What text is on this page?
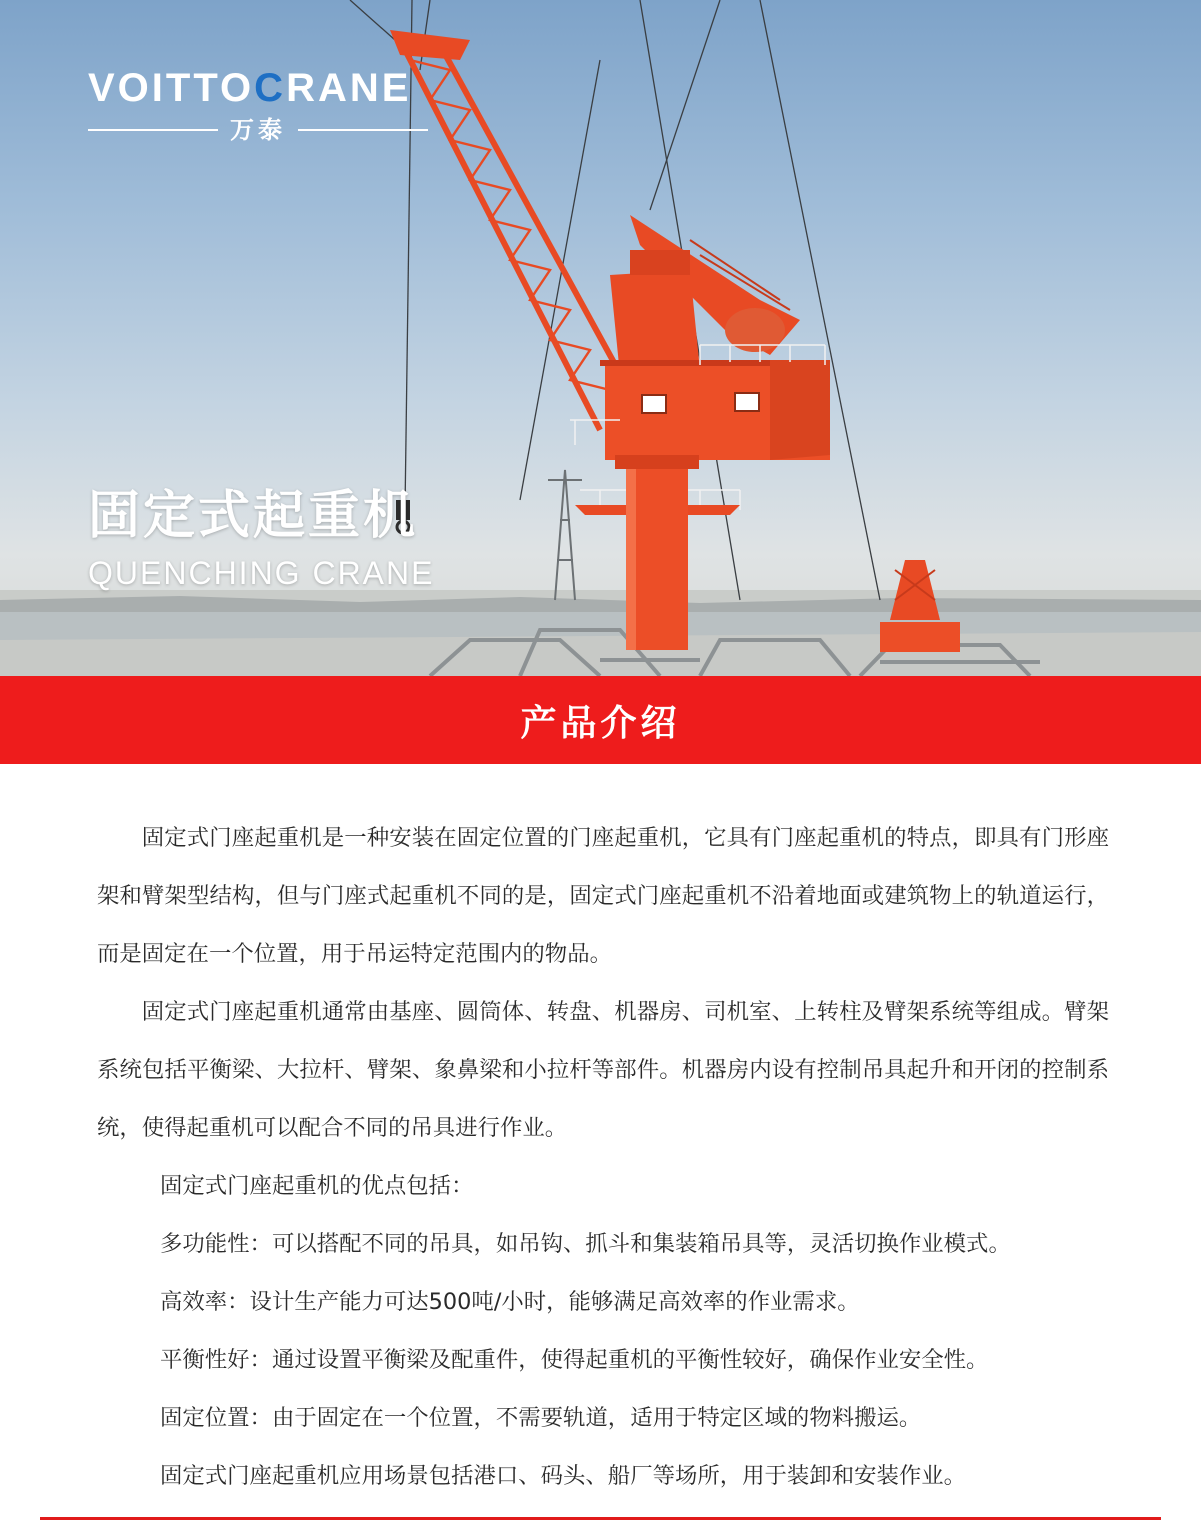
VOITTOCRANE
万泰
固定式起重机
QUENCHING CRANE
产品介绍

固定式门座起重机是一种安装在固定位置的门座起重机，它具有门座起重机的特点，即具有门形座架和臂架型结构，但与门座式起重机不同的是，固定式门座起重机不沿着地面或建筑物上的轨道运行，而是固定在一个位置，用于吊运特定范围内的物品。

固定式门座起重机通常由基座、圆筒体、转盘、机器房、司机室、上转柱及臂架系统等组成。臂架系统包括平衡梁、大拉杆、臂架、象鼻梁和小拉杆等部件。机器房内设有控制吊具起升和开闭的控制系统，使得起重机可以配合不同的吊具进行作业。

固定式门座起重机的优点包括：

多功能性：可以搭配不同的吊具，如吊钩、抓斗和集装箱吊具等，灵活切换作业模式。

高效率：设计生产能力可达500吨/小时，能够满足高效率的作业需求。

平衡性好：通过设置平衡梁及配重件，使得起重机的平衡性较好，确保作业安全性。

固定位置：由于固定在一个位置，不需要轨道，适用于特定区域的物料搬运。

固定式门座起重机应用场景包括港口、码头、船厂等场所，用于装卸和安装作业。
